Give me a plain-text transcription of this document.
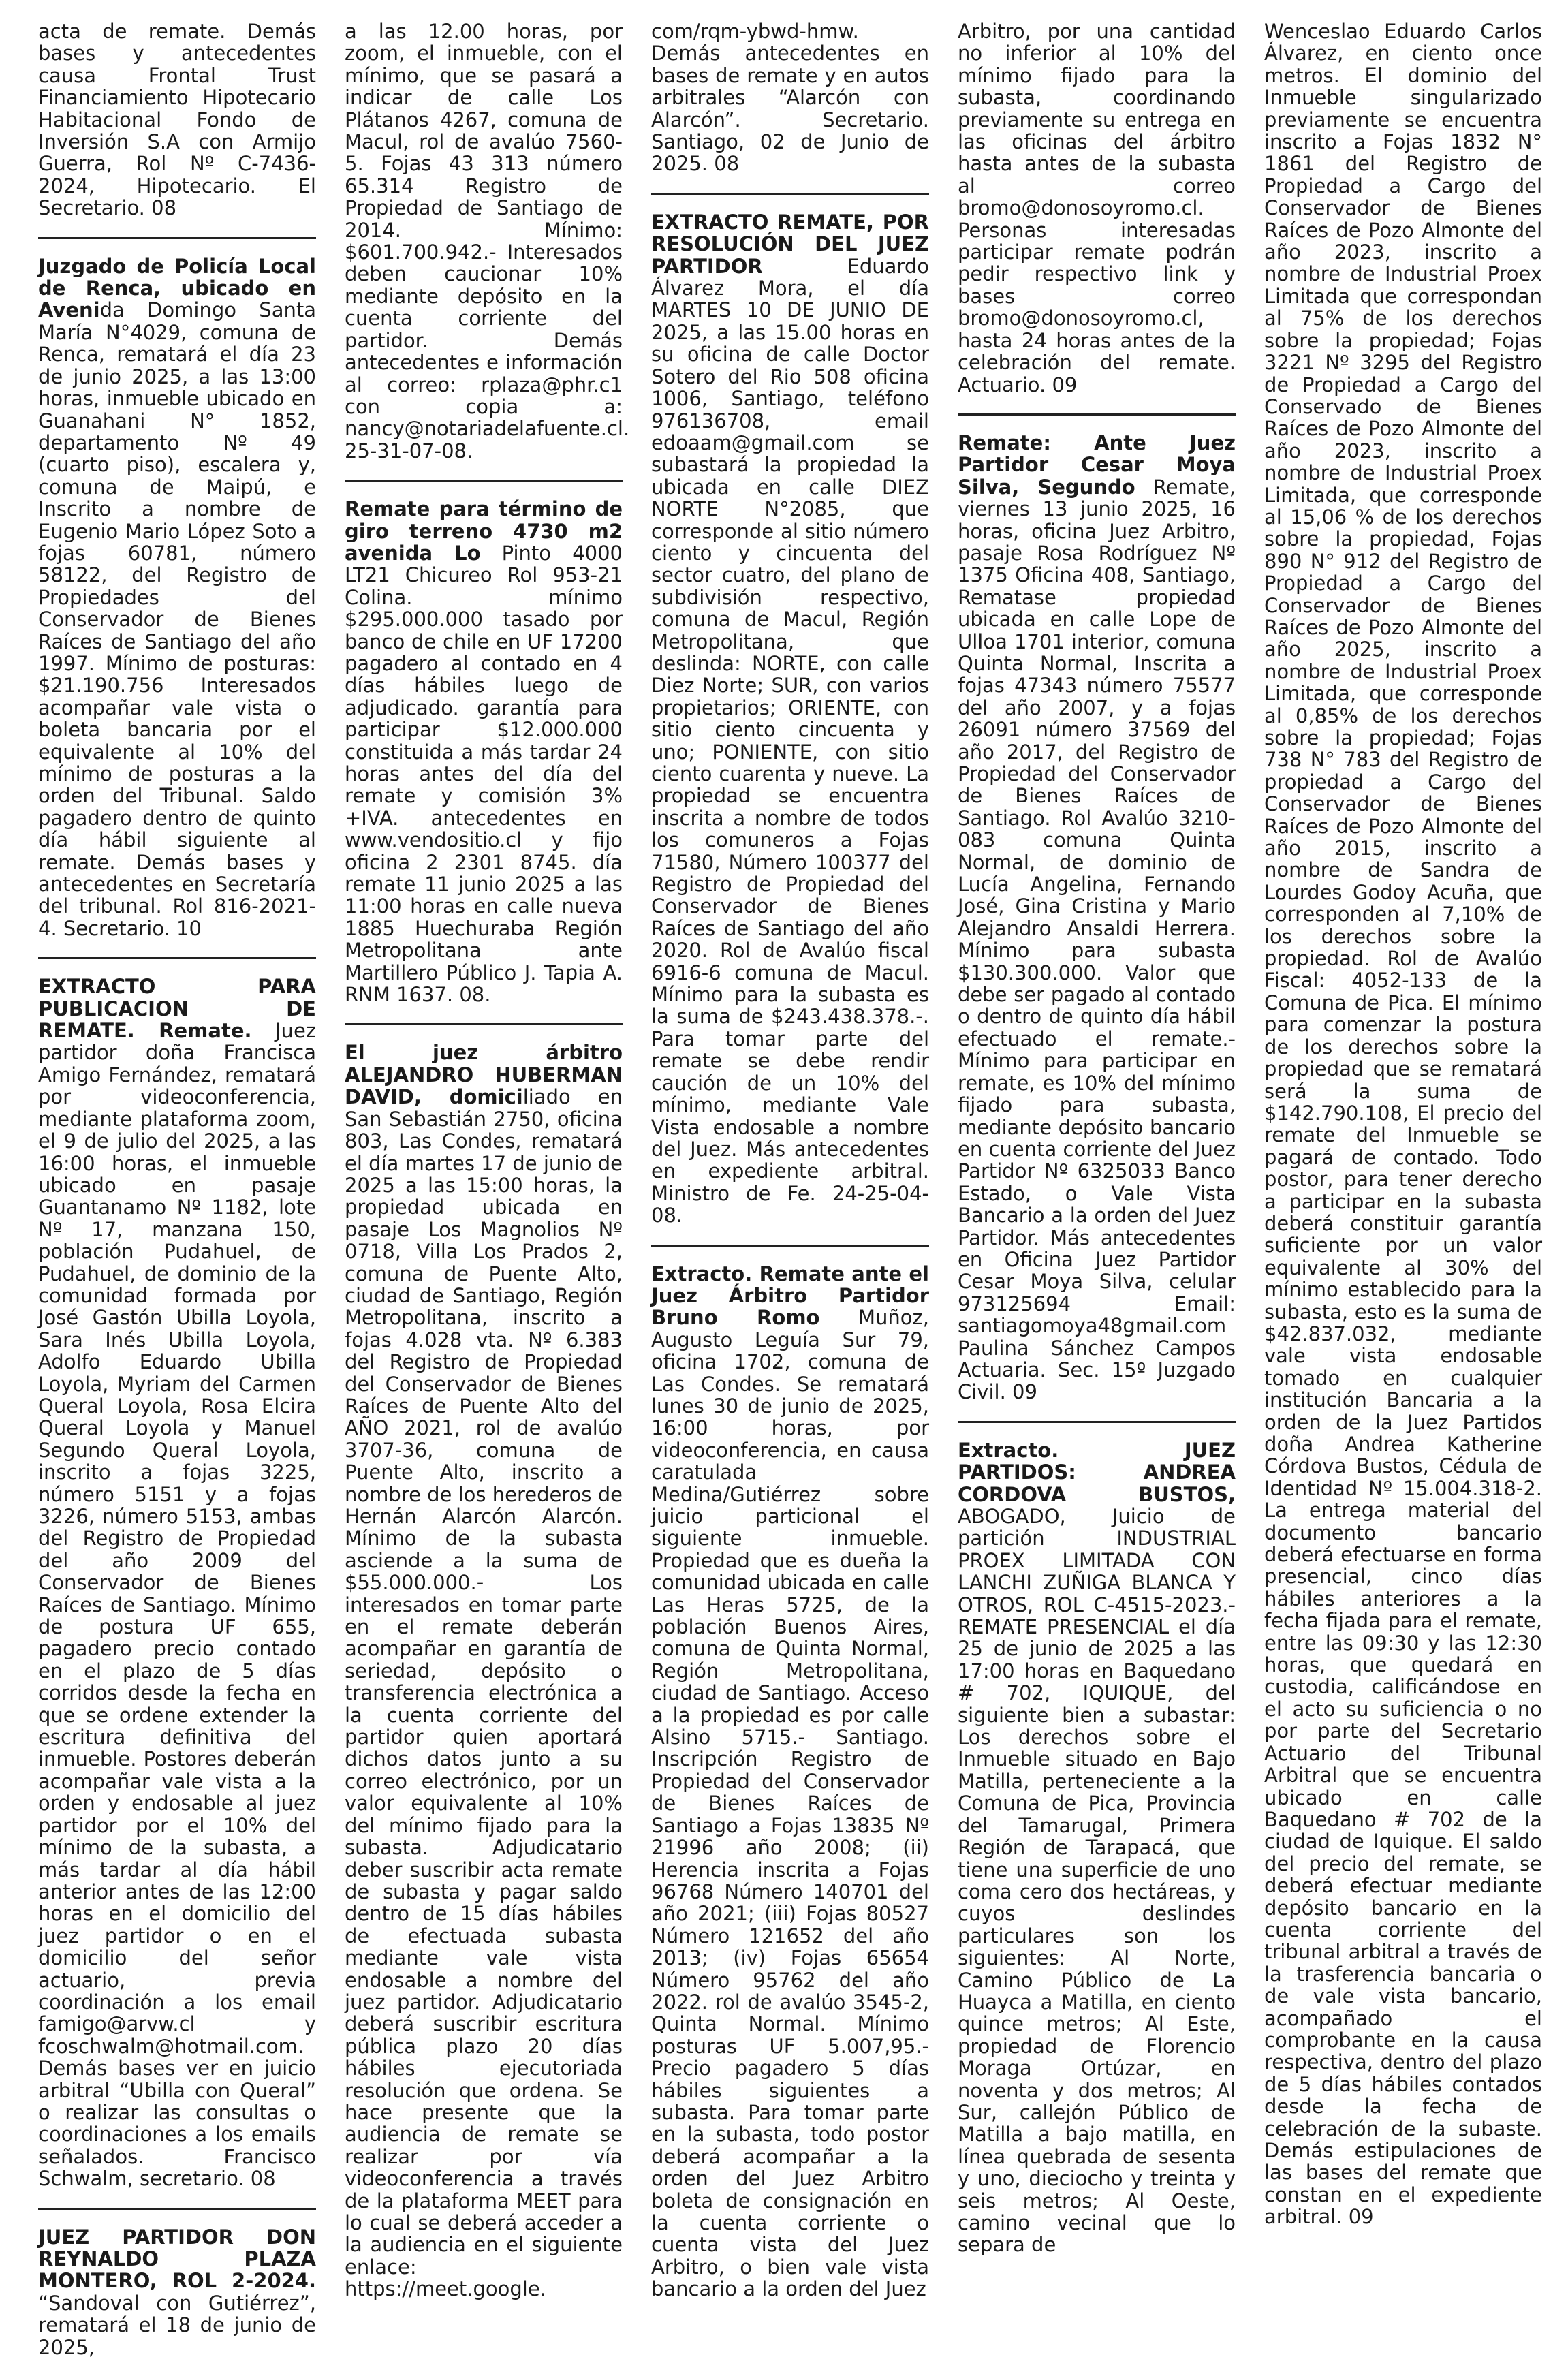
acta de remate. Demás bases y antecedentes causa Frontal Trust Financiamiento Hipotecario Habitacional Fondo de Inversión S.A con Armijo Guerra, Rol Nº C-7436-2024, Hipotecario. El Secretario. 08

Juzgado de Policía Local de Renca, ubicado en Avenida Domingo Santa María N°4029, comuna de Renca, rematará el día 23 de junio 2025, a las 13:00 horas, inmueble ubicado en Guanahani N° 1852, departamento Nº 49 (cuarto piso), escalera y, comuna de Maipú, e Inscrito a nombre de Eugenio Mario López Soto a fojas 60781, número 58122, del Registro de Propiedades del Conservador de Bienes Raíces de Santiago del año 1997. Mínimo de posturas: $21.190.756 Interesados acompañar vale vista o boleta bancaria por el equivalente al 10% del mínimo de posturas a la orden del Tribunal. Saldo pagadero dentro de quinto día hábil siguiente al remate. Demás bases y antecedentes en Secretaría del tribunal. Rol 816-2021-4. Secretario. 10

EXTRACTO PARA PUBLICACION DE REMATE. Remate. Juez partidor doña Francisca Amigo Fernández, rematará por videoconferencia, mediante plataforma zoom, el 9 de julio del 2025, a las 16:00 horas, el inmueble ubicado en pasaje Guantanamo Nº 1182, lote Nº 17, manzana 150, población Pudahuel, de Pudahuel, de dominio de la comunidad formada por José Gastón Ubilla Loyola, Sara Inés Ubilla Loyola, Adolfo Eduardo Ubilla Loyola, Myriam del Carmen Queral Loyola, Rosa Elcira Queral Loyola y Manuel Segundo Queral Loyola, inscrito a fojas 3225, número 5151 y a fojas 3226, número 5153, ambas del Registro de Propiedad del año 2009 del Conservador de Bienes Raíces de Santiago. Mínimo de postura UF 655, pagadero precio contado en el plazo de 5 días corridos desde la fecha en que se ordene extender la escritura definitiva del inmueble. Postores deberán acompañar vale vista a la orden y endosable al juez partidor por el 10% del mínimo de la subasta, a más tardar al día hábil anterior antes de las 12:00 horas en el domicilio del juez partidor o en el domicilio del señor actuario, previa coordinación a los email famigo@arvw.cl y fcoschwalm@hotmail.com. Demás bases ver en juicio arbitral “Ubilla con Queral” o realizar las consultas o coordinaciones a los emails señalados. Francisco Schwalm, secretario. 08

JUEZ PARTIDOR DON REYNALDO PLAZA MONTERO, ROL 2-2024. “Sandoval con Gutiérrez”, rematará el 18 de junio de 2025,

a las 12.00 horas, por zoom, el inmueble, con el mínimo, que se pasará a indicar de calle Los Plátanos 4267, comuna de Macul, rol de avalúo 7560-5. Fojas 43 313 número 65.314 Registro de Propiedad de Santiago de 2014. Mínimo: $601.700.942.- Interesados deben caucionar 10% mediante depósito en la cuenta corriente del partidor. Demás antecedentes e información al correo: rplaza@phr.c1 con copia a: nancy@notariadelafuente.cl. 25-31-07-08.

Remate para término de giro terreno 4730 m2 avenida Lo Pinto 4000 LT21 Chicureo Rol 953-21 Colina. mínimo $295.000.000 tasado por banco de chile en UF 17200 pagadero al contado en 4 días hábiles luego de adjudicado. garantía para participar $12.000.000 constituida a más tardar 24 horas antes del día del remate y comisión 3% +IVA. antecedentes en www.vendositio.cl y fijo oficina 2 2301 8745. día remate 11 junio 2025 a las 11:00 horas en calle nueva 1885 Huechuraba Región Metropolitana ante Martillero Público J. Tapia A. RNM 1637. 08.

El juez árbitro ALEJANDRO HUBERMAN DAVID, domiciliado en San Sebastián 2750, oficina 803, Las Condes, rematará el día martes 17 de junio de 2025 a las 15:00 horas, la propiedad ubicada en pasaje Los Magnolios Nº 0718, Villa Los Prados 2, comuna de Puente Alto, ciudad de Santiago, Región Metropolitana, inscrito a fojas 4.028 vta. Nº 6.383 del Registro de Propiedad del Conservador de Bienes Raíces de Puente Alto del AÑO 2021, rol de avalúo 3707-36, comuna de Puente Alto, inscrito a nombre de los herederos de Hernán Alarcón Alarcón. Mínimo de la subasta asciende a la suma de $55.000.000.- Los interesados en tomar parte en el remate deberán acompañar en garantía de seriedad, depósito o transferencia electrónica a la cuenta corriente del partidor quien aportará dichos datos junto a su correo electrónico, por un valor equivalente al 10% del mínimo fijado para la subasta. Adjudicatario deber suscribir acta remate de subasta y pagar saldo dentro de 15 días hábiles de efectuada subasta mediante vale vista endosable a nombre del juez partidor. Adjudicatario deberá suscribir escritura pública plazo 20 días hábiles ejecutoriada resolución que ordena. Se hace presente que la audiencia de remate se realizar por vía videoconferencia a través de la plataforma MEET para lo cual se deberá acceder a la audiencia en el siguiente enlace: https://meet.google.

com/rqm-ybwd-hmw. Demás antecedentes en bases de remate y en autos arbitrales “Alarcón con Alarcón”. Secretario. Santiago, 02 de Junio de 2025. 08

EXTRACTO REMATE, POR RESOLUCIÓN DEL JUEZ PARTIDOR Eduardo Álvarez Mora, el día MARTES 10 DE JUNIO DE 2025, a las 15.00 horas en su oficina de calle Doctor Sotero del Rio 508 oficina 1006, Santiago, teléfono 976136708, email edoaam@gmail.com se subastará la propiedad la ubicada en calle DIEZ NORTE N°2085, que corresponde al sitio número ciento y cincuenta del sector cuatro, del plano de subdivisión respectivo, comuna de Macul, Región Metropolitana, que deslinda: NORTE, con calle Diez Norte; SUR, con varios propietarios; ORIENTE, con sitio ciento cincuenta y uno; PONIENTE, con sitio ciento cuarenta y nueve. La propiedad se encuentra inscrita a nombre de todos los comuneros a Fojas 71580, Número 100377 del Registro de Propiedad del Conservador de Bienes Raíces de Santiago del año 2020. Rol de Avalúo fiscal 6916-6 comuna de Macul. Mínimo para la subasta es la suma de $243.438.378.-. Para tomar parte del remate se debe rendir caución de un 10% del mínimo, mediante Vale Vista endosable a nombre del Juez. Más antecedentes en expediente arbitral. Ministro de Fe. 24-25-04-08.

Extracto. Remate ante el Juez Árbitro Partidor Bruno Romo Muñoz, Augusto Leguía Sur 79, oficina 1702, comuna de Las Condes. Se rematará lunes 30 de junio de 2025, 16:00 horas, por videoconferencia, en causa caratulada Medina/Gutiérrez sobre juicio particional el siguiente inmueble. Propiedad que es dueña la comunidad ubicada en calle Las Heras 5725, de la población Buenos Aires, comuna de Quinta Normal, Región Metropolitana, ciudad de Santiago. Acceso a la propiedad es por calle Alsino 5715.- Santiago. Inscripción Registro de Propiedad del Conservador de Bienes Raíces de Santiago a Fojas 13835 Nº 21996 año 2008; (ii) Herencia inscrita a Fojas 96768 Número 140701 del año 2021; (iii) Fojas 80527 Número 121652 del año 2013; (iv) Fojas 65654 Número 95762 del año 2022. rol de avalúo 3545-2, Quinta Normal. Mínimo posturas UF 5.007,95.- Precio pagadero 5 días hábiles siguientes a subasta. Para tomar parte en la subasta, todo postor deberá acompañar a la orden del Juez Arbitro boleta de consignación en la cuenta corriente o cuenta vista del Juez Arbitro, o bien vale vista bancario a la orden del Juez

Arbitro, por una cantidad no inferior al 10% del mínimo fijado para la subasta, coordinando previamente su entrega en las oficinas del árbitro hasta antes de la subasta al correo bromo@donosoyromo.cl. Personas interesadas participar remate podrán pedir respectivo link y bases correo bromo@donosoyromo.cl, hasta 24 horas antes de la celebración del remate. Actuario. 09

Remate: Ante Juez Partidor Cesar Moya Silva, Segundo Remate, viernes 13 junio 2025, 16 horas, oficina Juez Arbitro, pasaje Rosa Rodríguez Nº 1375 Oficina 408, Santiago, Rematase propiedad ubicada en calle Lope de Ulloa 1701 interior, comuna Quinta Normal, Inscrita a fojas 47343 número 75577 del año 2007, y a fojas 26091 número 37569 del año 2017, del Registro de Propiedad del Conservador de Bienes Raíces de Santiago. Rol Avalúo 3210-083 comuna Quinta Normal, de dominio de Lucía Angelina, Fernando José, Gina Cristina y Mario Alejandro Ansaldi Herrera. Mínimo para subasta $130.300.000. Valor que debe ser pagado al contado o dentro de quinto día hábil efectuado el remate.- Mínimo para participar en remate, es 10% del mínimo fijado para subasta, mediante depósito bancario en cuenta corriente del Juez Partidor Nº 6325033 Banco Estado, o Vale Vista Bancario a la orden del Juez Partidor. Más antecedentes en Oficina Juez Partidor Cesar Moya Silva, celular 973125694 Email: santiagomoya48gmail.com Paulina Sánchez Campos Actuaria. Sec. 15º Juzgado Civil. 09

Extracto. JUEZ PARTIDOS: ANDREA CORDOVA BUSTOS, ABOGADO, Juicio de partición INDUSTRIAL PROEX LIMITADA CON LANCHI ZUÑIGA BLANCA Y OTROS, ROL C-4515-2023.-REMATE PRESENCIAL el día 25 de junio de 2025 a las 17:00 horas en Baquedano # 702, IQUIQUE, del siguiente bien a subastar: Los derechos sobre el Inmueble situado en Bajo Matilla, perteneciente a la Comuna de Pica, Provincia del Tamarugal, Primera Región de Tarapacá, que tiene una superficie de uno coma cero dos hectáreas, y cuyos deslindes particulares son los siguientes: Al Norte, Camino Público de La Huayca a Matilla, en ciento quince metros; Al Este, propiedad de Florencio Moraga Ortúzar, en noventa y dos metros; Al Sur, callejón Público de Matilla a bajo matilla, en línea quebrada de sesenta y uno, dieciocho y treinta y seis metros; Al Oeste, camino vecinal que lo separa de

Wenceslao Eduardo Carlos Álvarez, en ciento once metros. El dominio del Inmueble singularizado previamente se encuentra inscrito a Fojas 1832 N° 1861 del Registro de Propiedad a Cargo del Conservador de Bienes Raíces de Pozo Almonte del año 2023, inscrito a nombre de Industrial Proex Limitada que correspondan al 75% de los derechos sobre la propiedad; Fojas 3221 Nº 3295 del Registro de Propiedad a Cargo del Conservado de Bienes Raíces de Pozo Almonte del año 2023, inscrito a nombre de Industrial Proex Limitada, que corresponde al 15,06 % de los derechos sobre la propiedad, Fojas 890 N° 912 del Registro de Propiedad a Cargo del Conservador de Bienes Raíces de Pozo Almonte del año 2025, inscrito a nombre de Industrial Proex Limitada, que corresponde al 0,85% de los derechos sobre la propiedad; Fojas 738 N° 783 del Registro de propiedad a Cargo del Conservador de Bienes Raíces de Pozo Almonte del año 2015, inscrito a nombre de Sandra de Lourdes Godoy Acuña, que corresponden al 7,10% de los derechos sobre la propiedad. Rol de Avalúo Fiscal: 4052-133 de la Comuna de Pica. El mínimo para comenzar la postura de los derechos sobre la propiedad que se rematará será la suma de $142.790.108, El precio del remate del Inmueble se pagará de contado. Todo postor, para tener derecho a participar en la subasta deberá constituir garantía suficiente por un valor equivalente al 30% del mínimo establecido para la subasta, esto es la suma de $42.837.032, mediante vale vista endosable tomado en cualquier institución Bancaria a la orden de la Juez Partidos doña Andrea Katherine Córdova Bustos, Cédula de Identidad Nº 15.004.318-2. La entrega material del documento bancario deberá efectuarse en forma presencial, cinco días hábiles anteriores a la fecha fijada para el remate, entre las 09:30 y las 12:30 horas, que quedará en custodia, calificándose en el acto su suficiencia o no por parte del Secretario Actuario del Tribunal Arbitral que se encuentra ubicado en calle Baquedano # 702 de la ciudad de Iquique. El saldo del precio del remate, se deberá efectuar mediante depósito bancario en la cuenta corriente del tribunal arbitral a través de la trasferencia bancaria o de vale vista bancario, acompañado el comprobante en la causa respectiva, dentro del plazo de 5 días hábiles contados desde la fecha de celebración de la subaste. Demás estipulaciones de las bases del remate que constan en el expediente arbitral. 09
